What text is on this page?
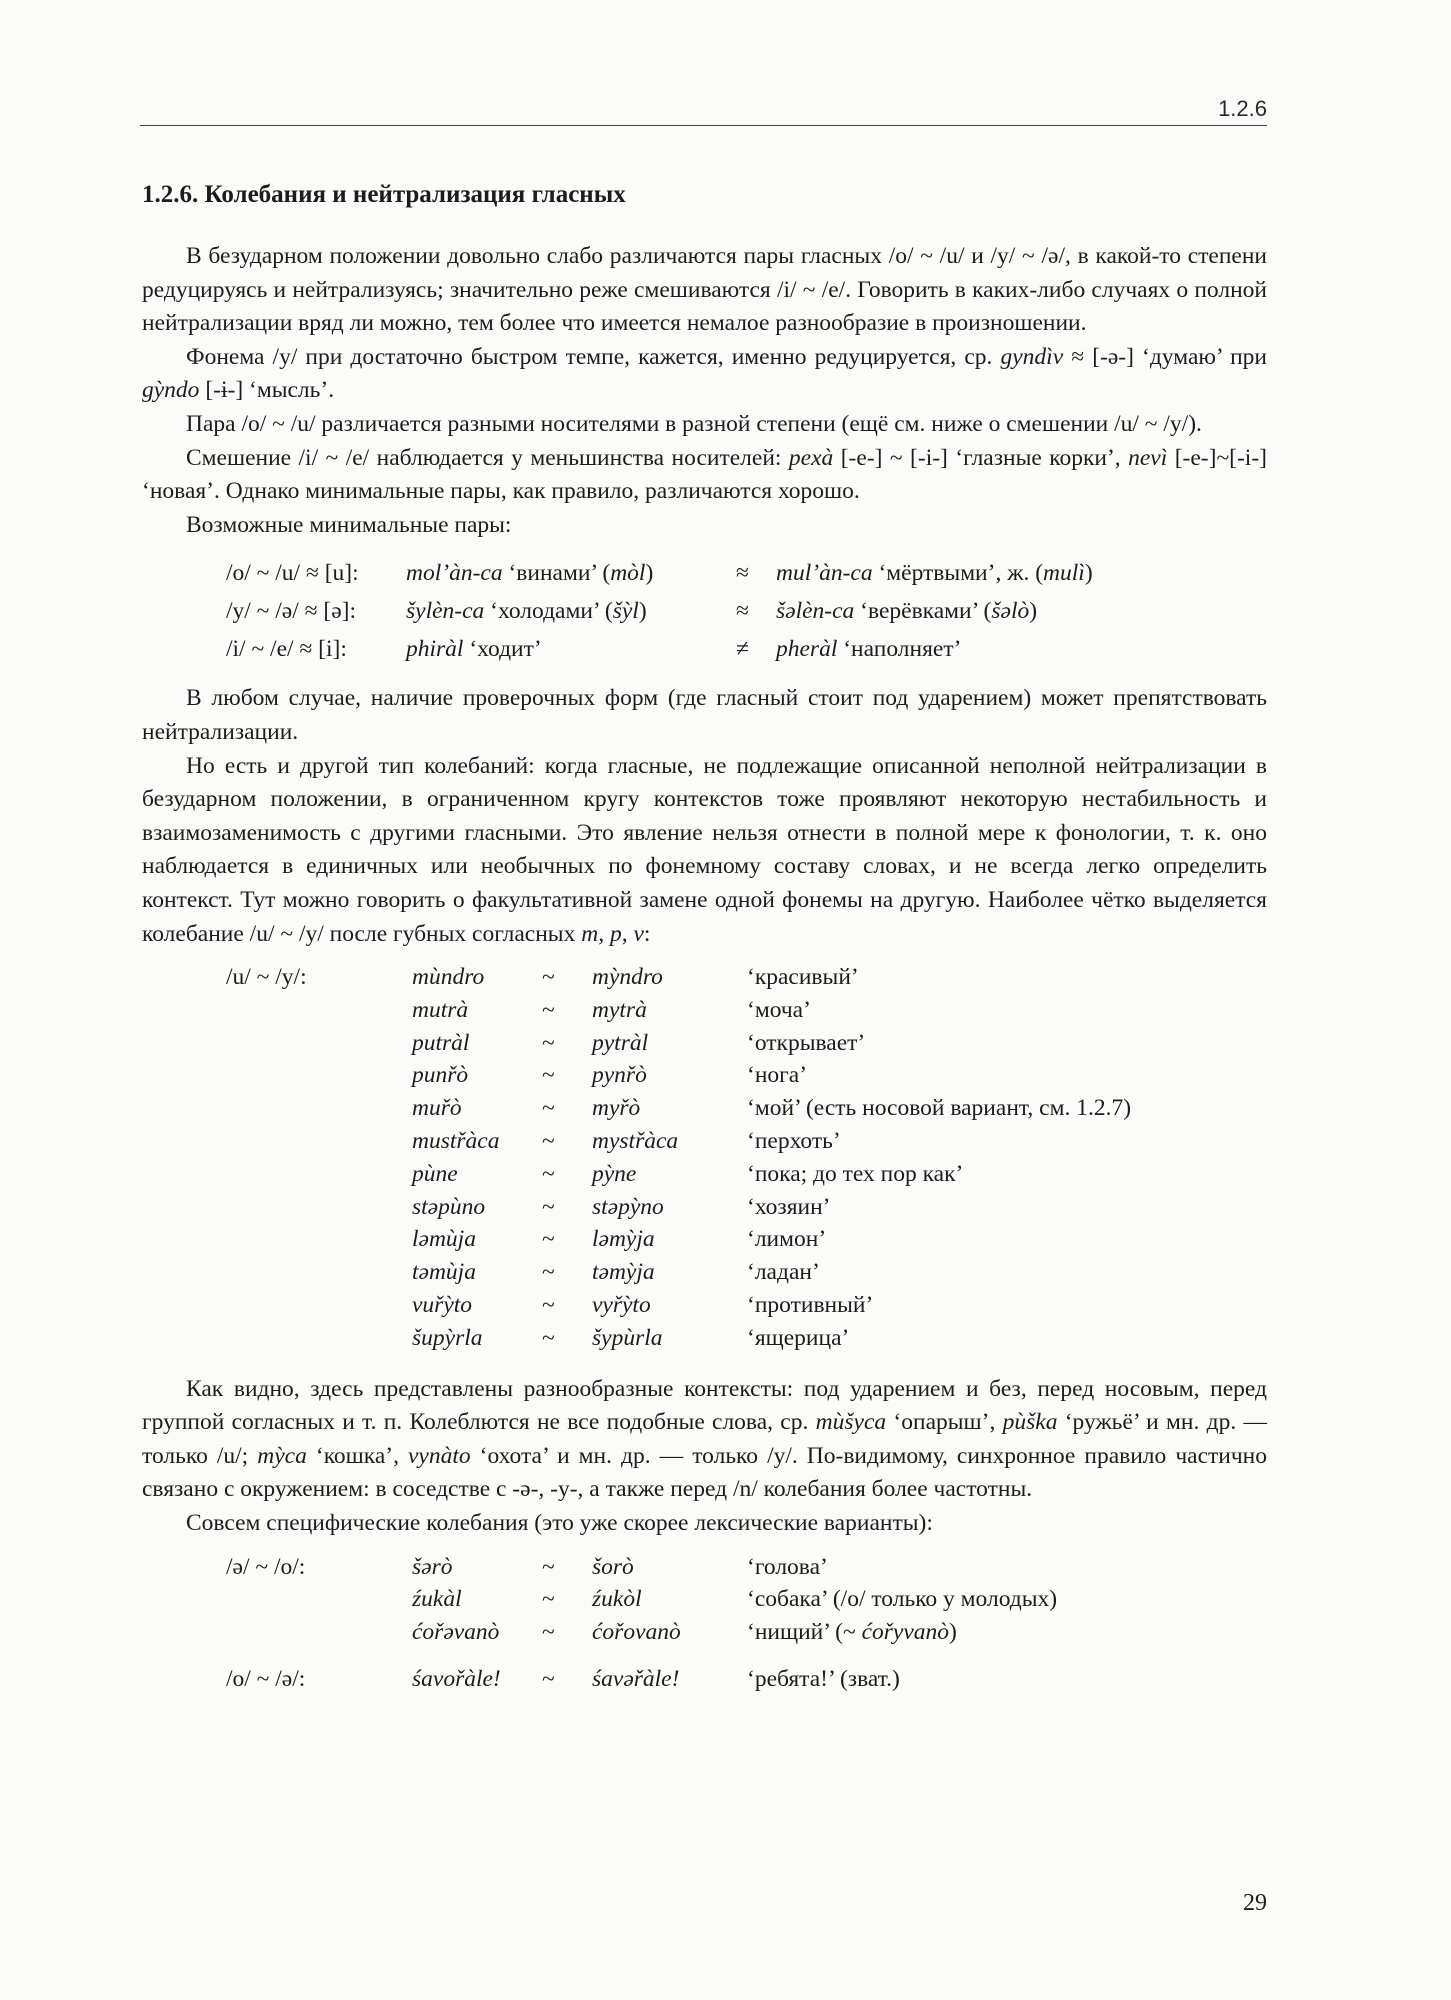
1.2.6
1.2.6. Колебания и нейтрализация гласных

В безударном положении довольно слабо различаются пары гласных /o/ ~ /u/ и /y/ ~ /ə/, в какой-то степени редуцируясь и нейтрализуясь; значительно реже смешиваются /i/ ~ /e/. Говорить в каких-либо случаях о полной нейтрализации вряд ли можно, тем более что имеется немалое разнообразие в произношении.

Фонема /y/ при достаточно быстром темпе, кажется, именно редуцируется, ср. gyndìv ≈ [-ə-] ‘думаю’ при gỳndo [-ɨ-] ‘мысль’.

Пара /o/ ~ /u/ различается разными носителями в разной степени (ещё см. ниже о смешении /u/ ~ /y/).

Смешение /i/ ~ /e/ наблюдается у меньшинства носителей: pexà [-e-] ~ [-i-] ‘глазные корки’, nevì [-e-]~[-i-] ‘новая’. Однако минимальные пары, как правило, различаются хорошо.

Возможные минимальные пары:

/o/ ~ /u/ ≈ [u]:	mol’àn-ca ‘винами’ (mòl)	≈	mul’àn-ca ‘мёртвыми’, ж. (mulì)
/y/ ~ /ə/ ≈ [ə]:	šylèn-ca ‘холодами’ (šỳl)	≈	šəlèn-ca ‘верёвками’ (šəlò)
/i/ ~ /e/ ≈ [i]:	phiràl ‘ходит’	≠	pheràl ‘наполняет’

В любом случае, наличие проверочных форм (где гласный стоит под ударением) может препятствовать нейтрализации.

Но есть и другой тип колебаний: когда гласные, не подлежащие описанной неполной нейтрализации в безударном положении, в ограниченном кругу контекстов тоже проявляют некоторую нестабильность и взаимозаменимость с другими гласными. Это явление нельзя отнести в полной мере к фонологии, т. к. оно наблюдается в единичных или необычных по фонемному составу словах, и не всегда легко определить контекст. Тут можно говорить о факультативной замене одной фонемы на другую. Наиболее чётко выделяется колебание /u/ ~ /y/ после губных согласных m, p, v:

/u/ ~ /y/:	mùndro	~	mỳndro	‘красивый’
mutrà	~	mytrà	‘моча’
putràl	~	pytràl	‘открывает’
punřò	~	pynřò	‘нога’
muřò	~	myřò	‘мой’ (есть носовой вариант, см. 1.2.7)
mustřàca	~	mystřàca	‘перхоть’
pùne	~	pỳne	‘пока; до тех пор как’
stəpùno	~	stəpỳno	‘хозяин’
ləmùja	~	ləmỳja	‘лимон’
təmùja	~	təmỳja	‘ладан’
vuřỳto	~	vyřỳto	‘противный’
šupỳrla	~	šypùrla	‘ящерица’

Как видно, здесь представлены разнообразные контексты: под ударением и без, перед носовым, перед группой согласных и т. п. Колеблются не все подобные слова, ср. mùšyca ‘опарыш’, pùška ‘ружьё’ и мн. др. — только /u/; mỳca ‘кошка’, vynàto ‘охота’ и мн. др. — только /y/. По-видимому, синхронное правило частично связано с окружением: в соседстве с -ə-, -y-, а также перед /n/ колебания более частотны.

Совсем специфические колебания (это уже скорее лексические варианты):

/ə/ ~ /o/:	šərò	~	šorò	‘голова’
źukàl	~	źukòl	‘собака’ (/o/ только у молодых)
ćořəvanò	~	ćořovanò	‘нищий’ (~ ćořyvanò)
/o/ ~ /ə/:	śavořàle!	~	śavəřàle!	‘ребята!’ (зват.)
29
